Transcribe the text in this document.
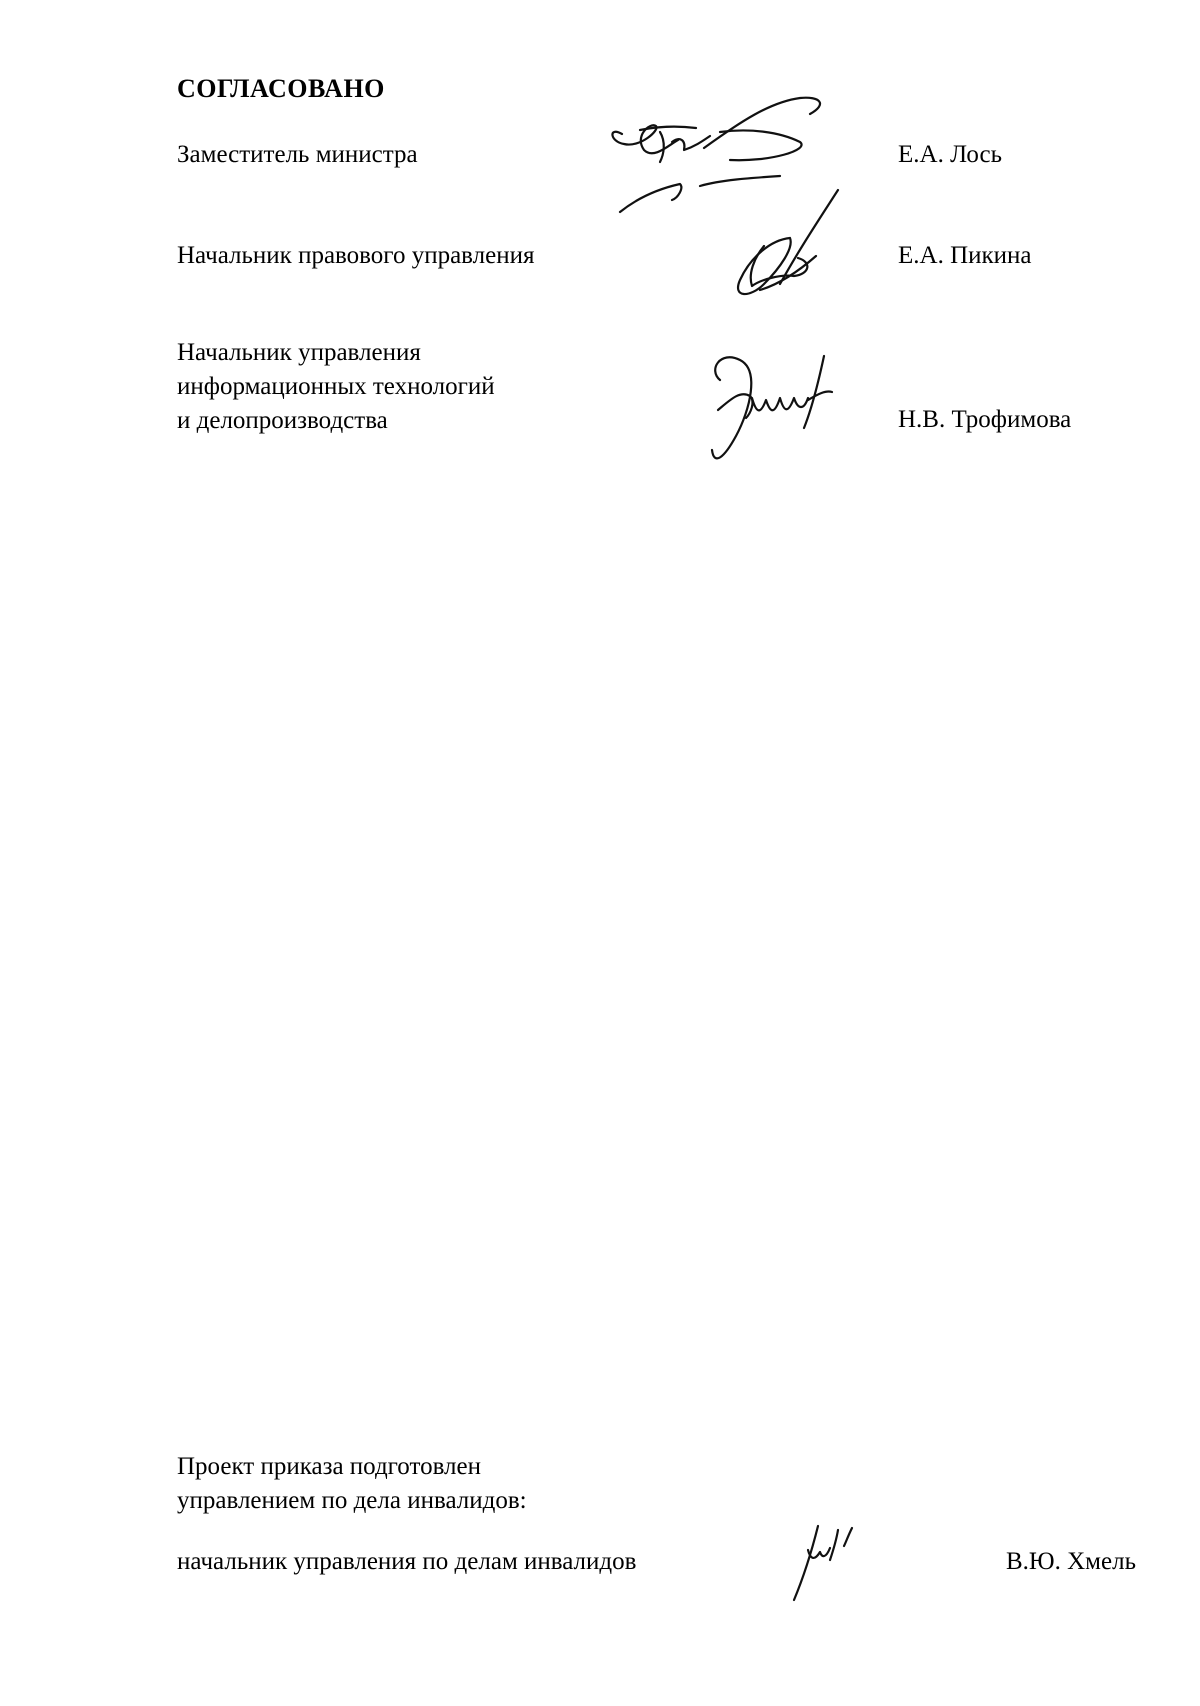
СОГЛАСОВАНО
Заместитель министра	Е.А. Лось
Начальник правового управления	Е.А. Пикина
Начальник управления
информационных технологий
и делопроизводства	Н.В. Трофимова
Проект приказа подготовлен
управлением по дела инвалидов:
начальник управления по делам инвалидов	В.Ю. Хмель
